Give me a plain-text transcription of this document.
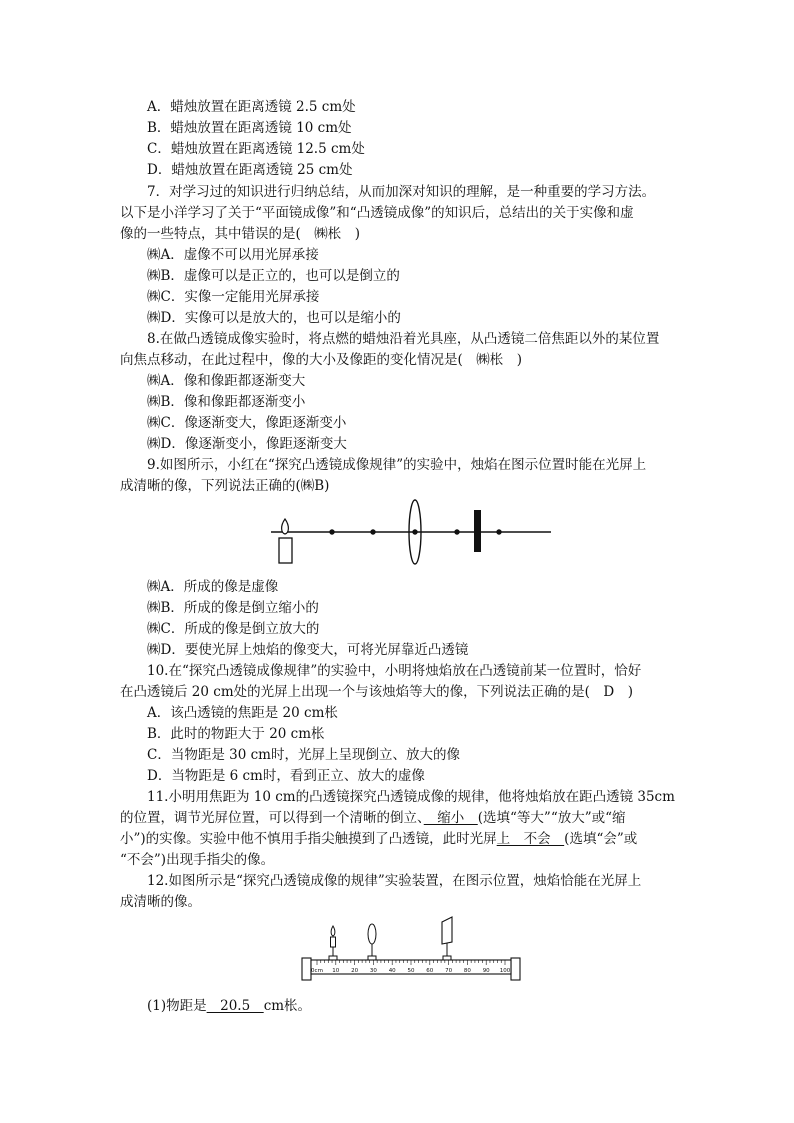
A．蜡烛放置在距离透镜 2.5 cm处
B．蜡烛放置在距离透镜 10 cm处
C．蜡烛放置在距离透镜 12.5 cm处
D．蜡烛放置在距离透镜 25 cm处
7．对学习过的知识进行归纳总结，从而加深对知识的理解，是一种重要的学习方法。
以下是小洋学习了关于“平面镜成像”和“凸透镜成像”的知识后，总结出的关于实像和虚
像的一些特点，其中错误的是(　㈱枨　)
㈱A．虚像不可以用光屏承接
㈱B．虚像可以是正立的，也可以是倒立的
㈱C．实像一定能用光屏承接
㈱D．实像可以是放大的，也可以是缩小的
8.在做凸透镜成像实验时，将点燃的蜡烛沿着光具座，从凸透镜二倍焦距以外的某位置
向焦点移动，在此过程中，像的大小及像距的变化情况是(　㈱枨　)
㈱A．像和像距都逐渐变大
㈱B．像和像距都逐渐变小
㈱C．像逐渐变大，像距逐渐变小
㈱D．像逐渐变小，像距逐渐变大
9.如图所示，小红在“探究凸透镜成像规律”的实验中，烛焰在图示位置时能在光屏上
成清晰的像，下列说法正确的(㈱B)
㈱A．所成的像是虚像
㈱B．所成的像是倒立缩小的
㈱C．所成的像是倒立放大的
㈱D．要使光屏上烛焰的像变大，可将光屏靠近凸透镜
10.在“探究凸透镜成像规律”的实验中，小明将烛焰放在凸透镜前某一位置时，恰好
在凸透镜后 20 cm处的光屏上出现一个与该烛焰等大的像，下列说法正确的是(　D　)
A．该凸透镜的焦距是 20 cm枨
B．此时的物距大于 20 cm枨
C．当物距是 30 cm时，光屏上呈现倒立、放大的像
D．当物距是 6 cm时，看到正立、放大的虚像
11.小明用焦距为 10 cm的凸透镜探究凸透镜成像的规律，他将烛焰放在距凸透镜 35cm
的位置，调节光屏位置，可以得到一个清晰的倒立、　缩小　(选填“等大”“放大”或“缩
小”)的实像。实验中他不慎用手指尖触摸到了凸透镜，此时光屏上　不会　(选填“会”或
“不会”)出现手指尖的像。
12.如图所示是“探究凸透镜成像的规律”实验装置，在图示位置，烛焰恰能在光屏上
成清晰的像。
0cm 10 20 30 40 50 60 70 80 90 100
(1)物距是　20.5　cm枨。
